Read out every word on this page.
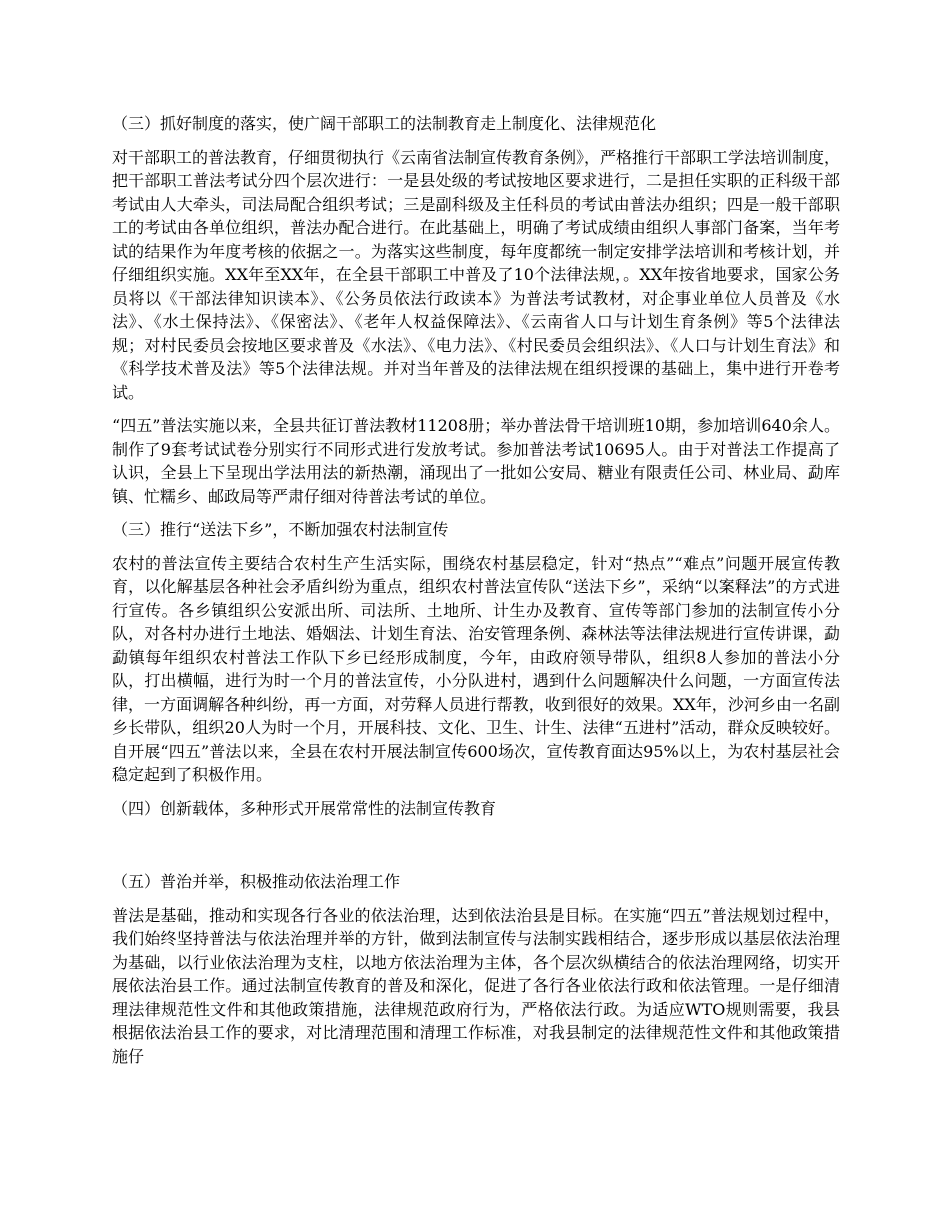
（三）抓好制度的落实，使广阔干部职工的法制教育走上制度化、法律规范化

对干部职工的普法教育，仔细贯彻执行《云南省法制宣传教育条例》，严格推行干部职工学法培训制度，把干部职工普法考试分四个层次进行：一是县处级的考试按地区要求进行，二是担任实职的正科级干部考试由人大牵头，司法局配合组织考试；三是副科级及主任科员的考试由普法办组织；四是一般干部职工的考试由各单位组织，普法办配合进行。在此基础上，明确了考试成绩由组织人事部门备案，当年考试的结果作为年度考核的依据之一。为落实这些制度，每年度都统一制定安排学法培训和考核计划，并仔细组织实施。XX年至XX年，在全县干部职工中普及了10个法律法规，。XX年按省地要求，国家公务员将以《干部法律知识读本》、《公务员依法行政读本》为普法考试教材，对企事业单位人员普及《水法》、《水土保持法》、《保密法》、《老年人权益保障法》、《云南省人口与计划生育条例》等5个法律法规；对村民委员会按地区要求普及《水法》、《电力法》、《村民委员会组织法》、《人口与计划生育法》和《科学技术普及法》等5个法律法规。并对当年普及的法律法规在组织授课的基础上，集中进行开卷考试。

“四五”普法实施以来，全县共征订普法教材11208册；举办普法骨干培训班10期，参加培训640余人。制作了9套考试试卷分别实行不同形式进行发放考试。参加普法考试10695人。由于对普法工作提高了认识，全县上下呈现出学法用法的新热潮，涌现出了一批如公安局、糖业有限责任公司、林业局、勐库镇、忙糯乡、邮政局等严肃仔细对待普法考试的单位。

（三）推行“送法下乡”，不断加强农村法制宣传

农村的普法宣传主要结合农村生产生活实际，围绕农村基层稳定，针对“热点”“难点”问题开展宣传教育，以化解基层各种社会矛盾纠纷为重点，组织农村普法宣传队“送法下乡”，采纳“以案释法”的方式进行宣传。各乡镇组织公安派出所、司法所、土地所、计生办及教育、宣传等部门参加的法制宣传小分队，对各村办进行土地法、婚姻法、计划生育法、治安管理条例、森林法等法律法规进行宣传讲课，勐勐镇每年组织农村普法工作队下乡已经形成制度，今年，由政府领导带队，组织8人参加的普法小分队，打出横幅，进行为时一个月的普法宣传，小分队进村，遇到什么问题解决什么问题，一方面宣传法律，一方面调解各种纠纷，再一方面，对劳释人员进行帮教，收到很好的效果。XX年，沙河乡由一名副乡长带队，组织20人为时一个月，开展科技、文化、卫生、计生、法律“五进村”活动，群众反映较好。自开展“四五”普法以来，全县在农村开展法制宣传600场次，宣传教育面达95%以上，为农村基层社会稳定起到了积极作用。

（四）创新载体，多种形式开展常常性的法制宣传教育

（五）普治并举，积极推动依法治理工作

普法是基础，推动和实现各行各业的依法治理，达到依法治县是目标。在实施“四五”普法规划过程中，我们始终坚持普法与依法治理并举的方针，做到法制宣传与法制实践相结合，逐步形成以基层依法治理为基础，以行业依法治理为支柱，以地方依法治理为主体，各个层次纵横结合的依法治理网络，切实开展依法治县工作。通过法制宣传教育的普及和深化，促进了各行各业依法行政和依法管理。一是仔细清理法律规范性文件和其他政策措施，法律规范政府行为，严格依法行政。为适应WTO规则需要，我县根据依法治县工作的要求，对比清理范围和清理工作标准，对我县制定的法律规范性文件和其他政策措施仔
